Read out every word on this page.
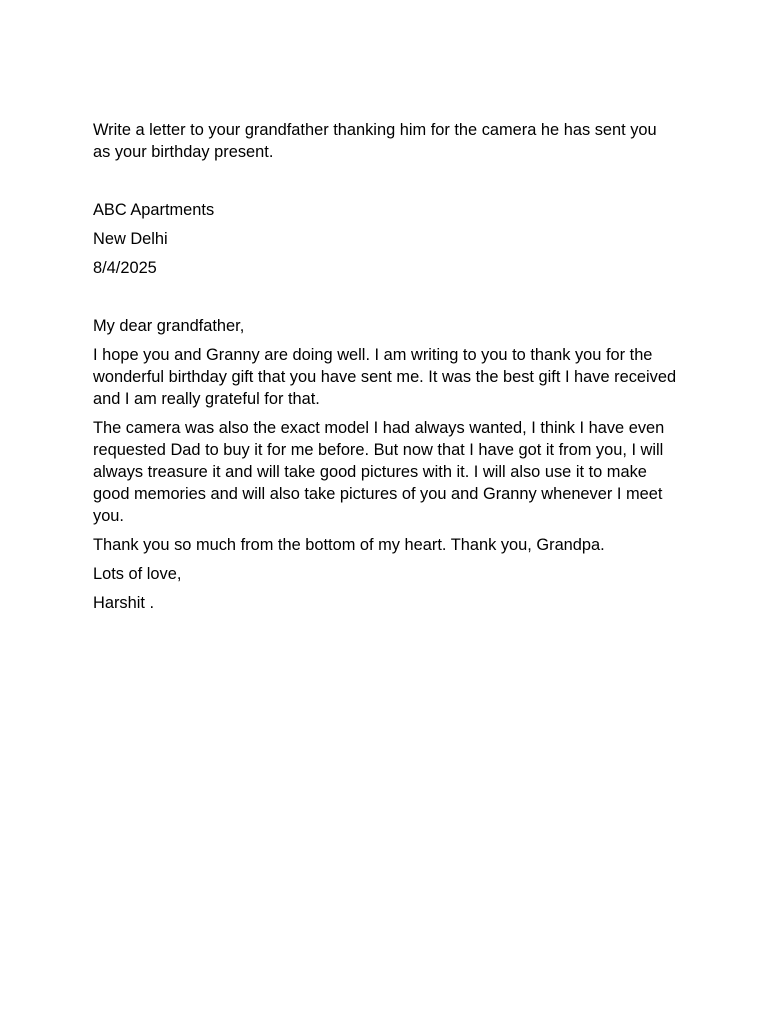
Write a letter to your grandfather thanking him for the camera he has sent you as your birthday present.

ABC Apartments

New Delhi

8/4/2025

My dear grandfather,

I hope you and Granny are doing well. I am writing to you to thank you for the wonderful birthday gift that you have sent me. It was the best gift I have received and I am really grateful for that.

The camera was also the exact model I had always wanted, I think I have even requested Dad to buy it for me before. But now that I have got it from you, I will always treasure it and will take good pictures with it. I will also use it to make good memories and will also take pictures of you and Granny whenever I meet you.

Thank you so much from the bottom of my heart. Thank you, Grandpa.

Lots of love,

Harshit .
